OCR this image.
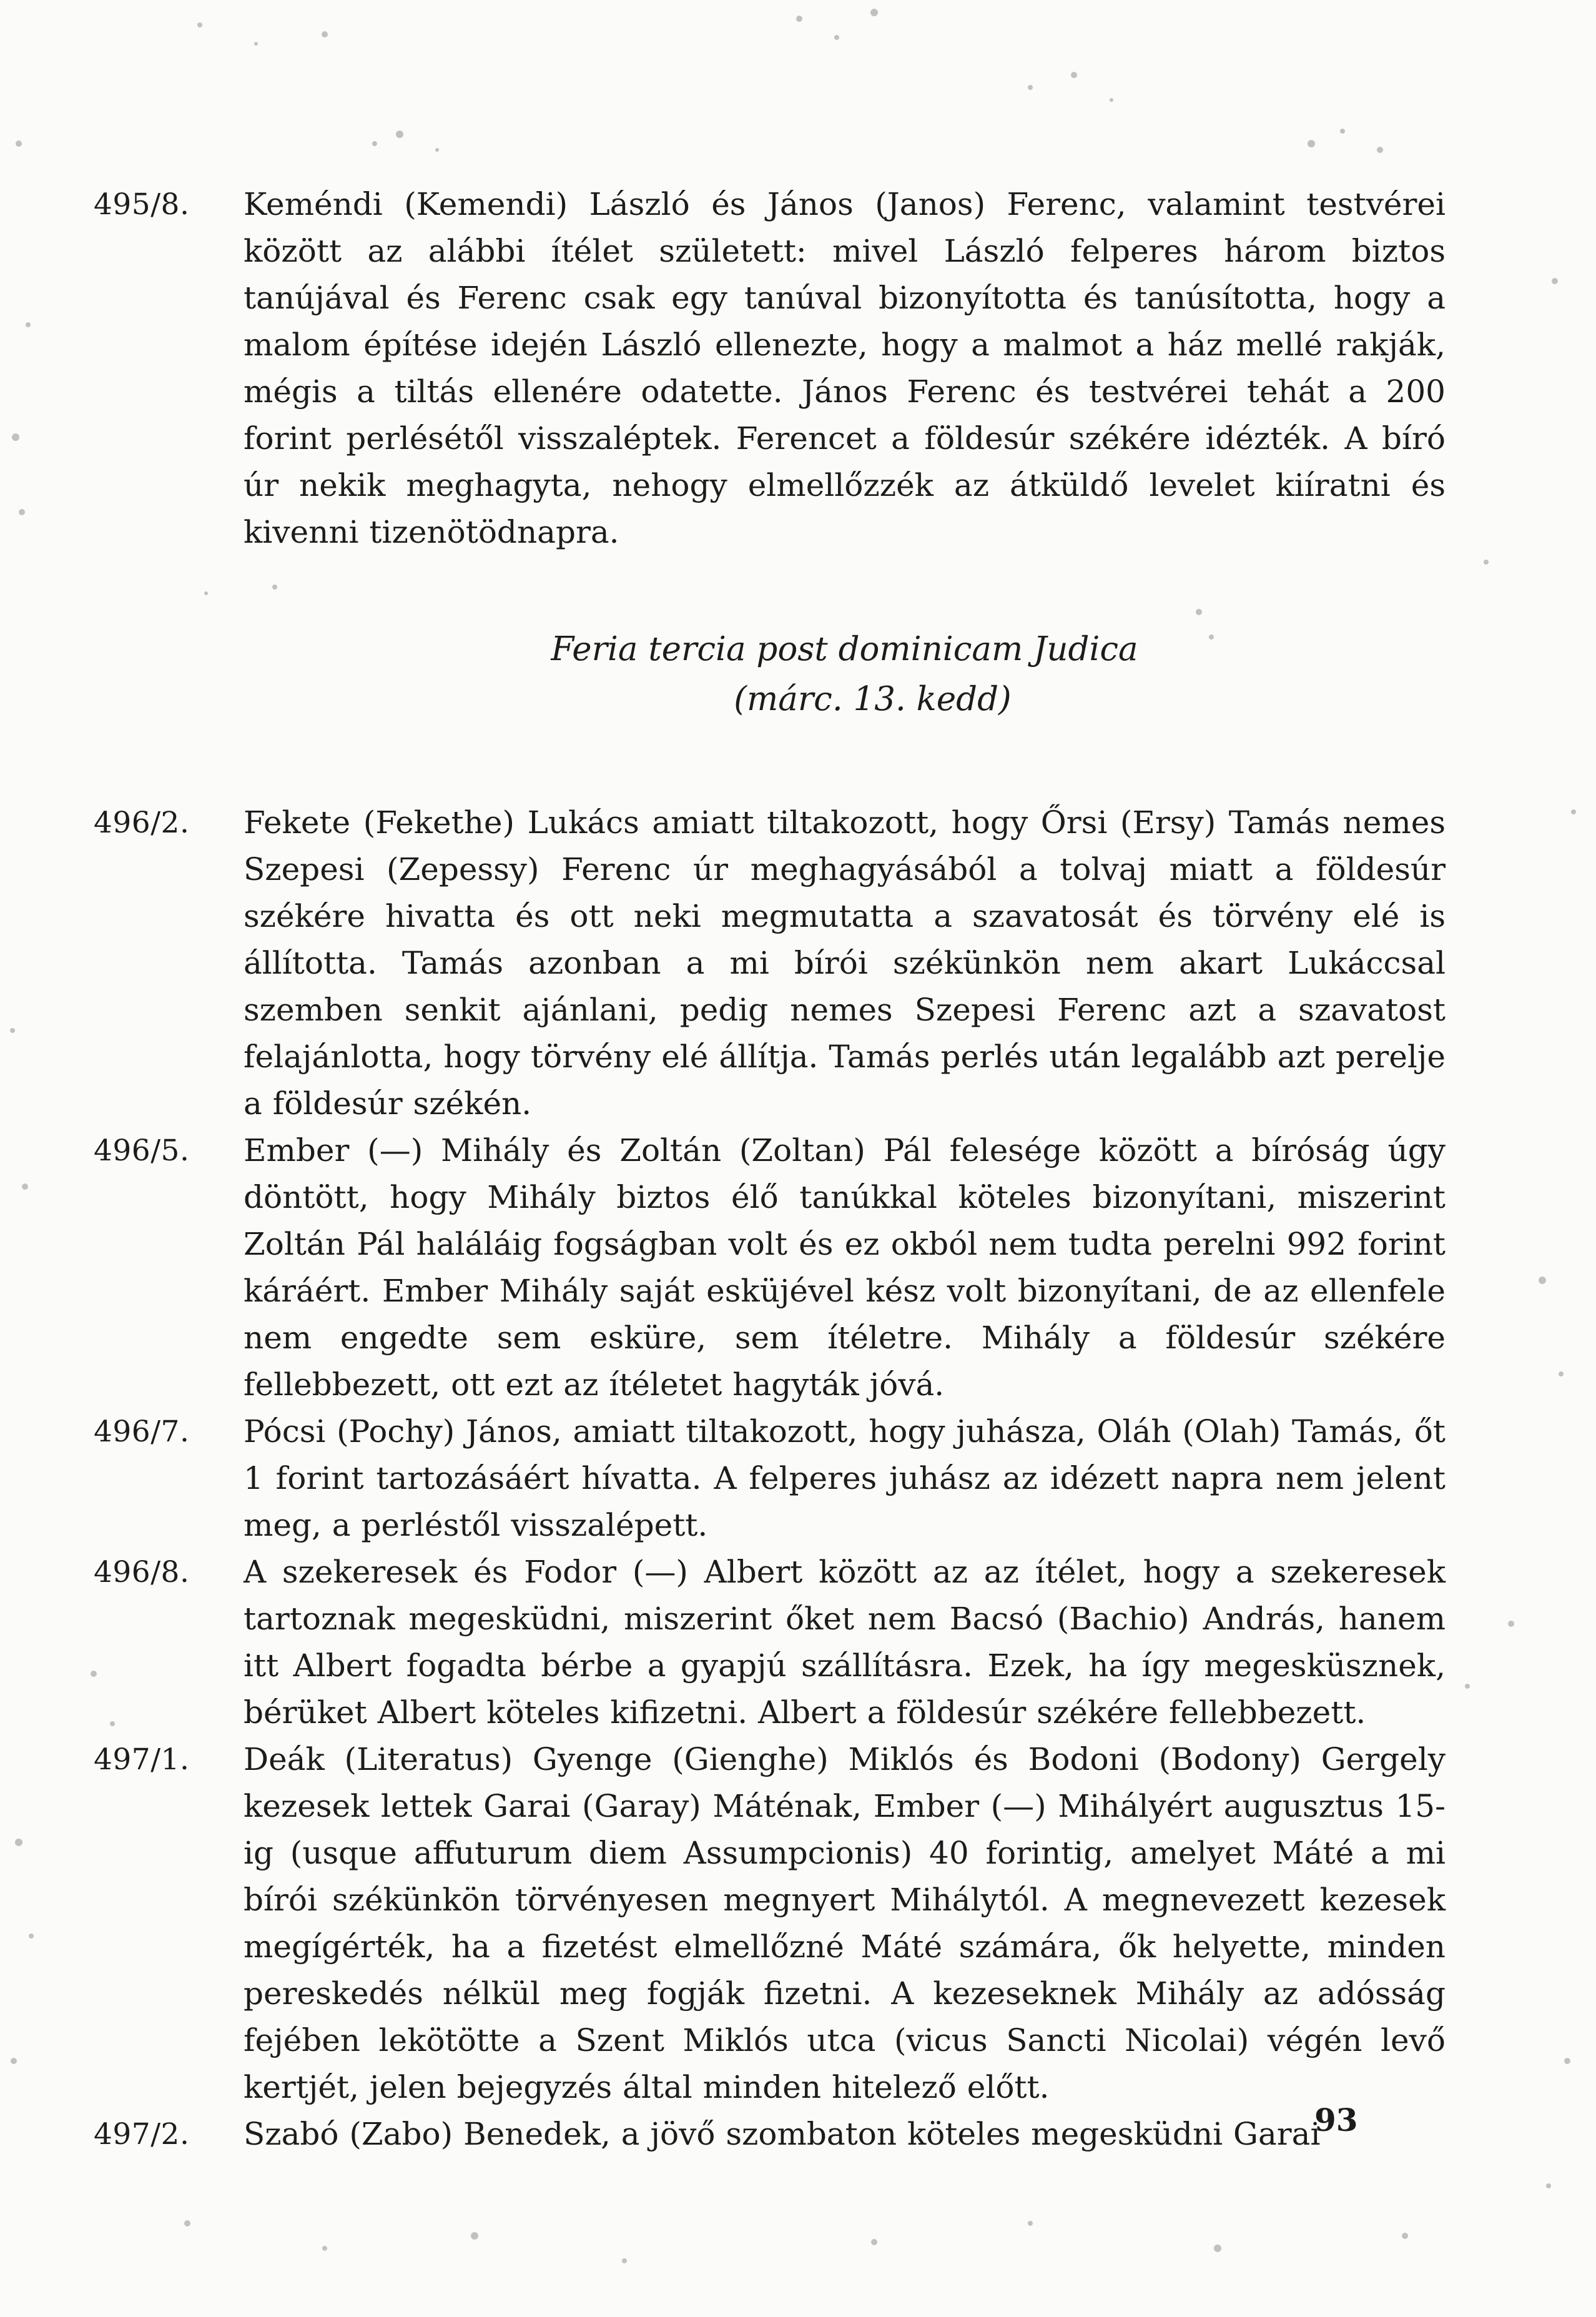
495/8. Keméndi (Kemendi) László és János (Janos) Ferenc, valamint testvérei között az alábbi ítélet született: mivel László felperes három biztos tanújával és Ferenc csak egy tanúval bizonyította és tanúsította, hogy a malom építése idején László ellenezte, hogy a malmot a ház mellé rakják, mégis a tiltás ellenére odatette. János Ferenc és testvérei tehát a 200 forint perlésétől visszaléptek. Ferencet a földesúr székére idézték. A bíró úr nekik meghagyta, nehogy elmellőzzék az átküldő levelet kiíratni és kivenni tizenötödnapra.
Feria tercia post dominicam Judica
(márc. 13. kedd)
496/2. Fekete (Fekethe) Lukács amiatt tiltakozott, hogy Őrsi (Ersy) Tamás nemes Szepesi (Zepessy) Ferenc úr meghagyásából a tolvaj miatt a földesúr székére hivatta és ott neki megmutatta a szavatosát és törvény elé is állította. Tamás azonban a mi bírói székünkön nem akart Lukáccsal szemben senkit ajánlani, pedig nemes Szepesi Ferenc azt a szavatost felajánlotta, hogy törvény elé állítja. Tamás perlés után legalább azt perelje a földesúr székén.
496/5. Ember (—) Mihály és Zoltán (Zoltan) Pál felesége között a bíróság úgy döntött, hogy Mihály biztos élő tanúkkal köteles bizonyítani, miszerint Zoltán Pál haláláig fogságban volt és ez okból nem tudta perelni 992 forint káráért. Ember Mihály saját esküjével kész volt bizonyítani, de az ellenfele nem engedte sem esküre, sem ítéletre. Mihály a földesúr székére fellebbezett, ott ezt az ítéletet hagyták jóvá.
496/7. Pócsi (Pochy) János, amiatt tiltakozott, hogy juhásza, Oláh (Olah) Tamás, őt 1 forint tartozásáért hívatta. A felperes juhász az idézett napra nem jelent meg, a perléstől visszalépett.
496/8. A szekeresek és Fodor (—) Albert között az az ítélet, hogy a szekeresek tartoznak megesküdni, miszerint őket nem Bacsó (Bachio) András, hanem itt Albert fogadta bérbe a gyapjú szállításra. Ezek, ha így megesküsznek, bérüket Albert köteles kifizetni. Albert a földesúr székére fellebbezett.
497/1. Deák (Literatus) Gyenge (Gienghe) Miklós és Bodoni (Bodony) Gergely kezesek lettek Garai (Garay) Máténak, Ember (—) Mihályért augusztus 15-ig (usque affuturum diem Assumpcionis) 40 forintig, amelyet Máté a mi bírói székünkön törvényesen megnyert Mihálytól. A megnevezett kezesek megígérték, ha a fizetést elmellőzné Máté számára, ők helyette, minden pereskedés nélkül meg fogják fizetni. A kezeseknek Mihály az adósság fejében lekötötte a Szent Miklós utca (vicus Sancti Nicolai) végén levő kertjét, jelen bejegyzés által minden hitelező előtt.
497/2. Szabó (Zabo) Benedek, a jövő szombaton köteles megesküdni Garai
93
